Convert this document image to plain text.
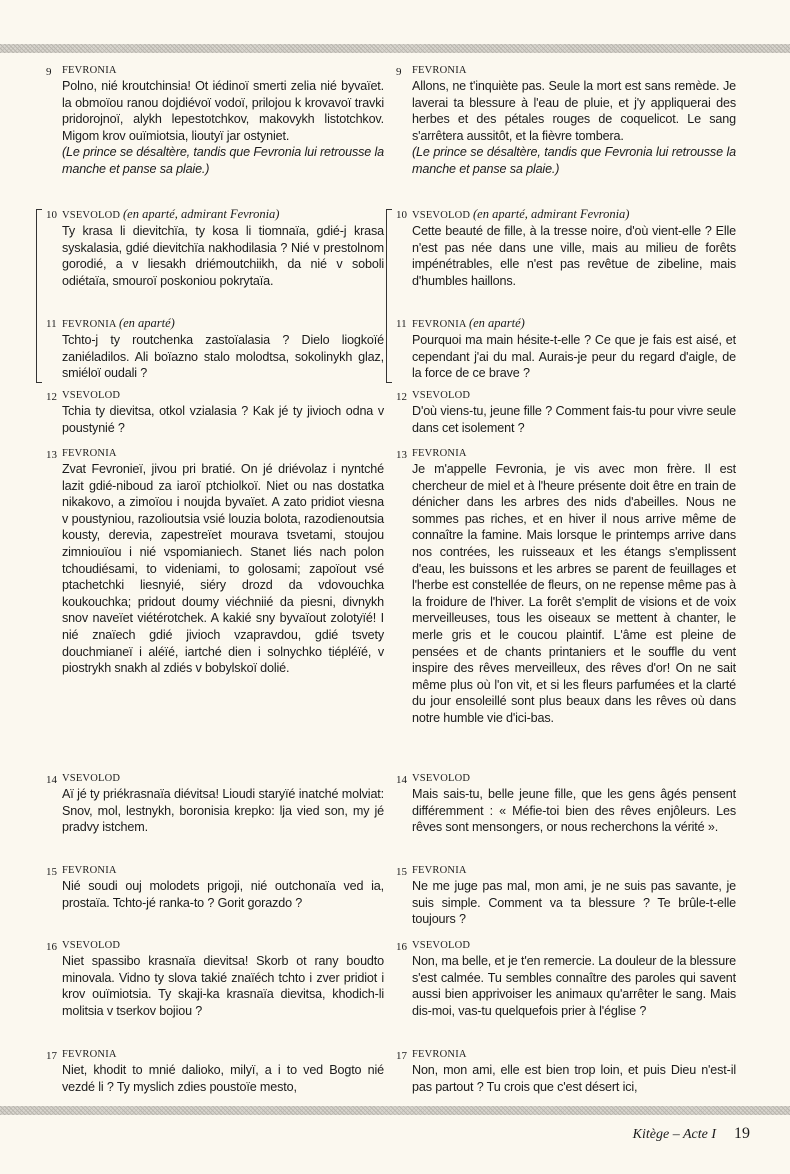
9	FEVRONIA
Polno, nié kroutchinsia! Ot iédinoï smerti zelia nié byvaïet. la obmoïou ranou dojdiévoï vodoï, prilojou k krovavoï travki pridorojnoï, alykh lepestotchkov, makovykh listotchkov. Migom krov ouïmiotsia, lioutyï jar ostyniet.
(Le prince se désaltère, tandis que Fevronia lui retrousse la manche et panse sa plaie.)
10 VSEVOLOD (en aparté, admirant Fevronia)
Ty krasa li dievitchïa, ty kosa li tiomnaïa, gdié-j krasa syskalasia, gdié dievitchïa nakhodilasia ? Nié v prestolnom gorodié, a v liesakh driémoutchiikh, da nié v soboli odiétaïa, smouroï poskoniou pokrytaïa.
11 FEVRONIA (en aparté)
Tchto-j ty routchenka zastoïalasia ? Dielo liogkoïé zaniéladilos. Ali boïazno stalo molodtsa, sokolinykh glaz, smiéloï oudali ?
12 VSEVOLOD
Tchia ty dievitsa, otkol vzialasia ? Kak jé ty jivioch odna v poustynié ?
13 FEVRONIA
Zvat Fevronieï, jivou pri bratié. On jé driévolaz i nyntché lazit gdié-niboud za iaroï ptchiolkoï. Niet ou nas dostatka nikakovo, a zimoïou i noujda byvaïet. A zato pridiot viesna v poustyniou, razolioutsia vsié louzia bolota, razodienoutsia kousty, derevia, zapestreïet mourava tsvetami, stoujou zimniouïou i nié vspomianiech. Stanet liés nach polon tchoudiésami, to videniami, to golosami; zapoïout vsé ptachetchki liesnyié, siéry drozd da vdovouchka koukouchka; pridout doumy viéchniié da piesni, divnykh snov naveïet viétérotchek. A kakié sny byvaïout zolotyïé! I nié znaïech gdié jivioch vzapravdou, gdié tsvety douchmianeï i aléïé, iartché dien i solnychko tiépléïé, v piostrykh snakh al zdiés v bobylskoï dolié.
14 VSEVOLOD
Aï jé ty priékrasnaïa diévitsa! Lioudi staryïé inatché molviat: Snov, mol, lestnykh, boronisia krepko: lja vied son, my jé pradvy istchem.
15 FEVRONIA
Nié soudi ouj molodets prigoji, nié outchonaïa ved ia, prostaïa. Tchto-jé ranka-to ? Gorit gorazdo ?
16 VSEVOLOD
Niet spassibo krasnaïa dievitsa! Skorb ot rany boudto minovala. Vidno ty slova takié znaïéch tchto i zver pridiot i krov ouïmiotsia. Ty skaji-ka krasnaïa dievitsa, khodich-li molitsia v tserkov bojiou ?
17 FEVRONIA
Niet, khodit to mnié dalioko, milyï, a i to ved Bogto nié vezdé li ? Ty myslich zdies poustoïe mesto,
9	FEVRONIA
Allons, ne t'inquiète pas. Seule la mort est sans remède. Je laverai ta blessure à l'eau de pluie, et j'y appliquerai des herbes et des pétales rouges de coquelicot. Le sang s'arrêtera aussitôt, et la fièvre tombera.
(Le prince se désaltère, tandis que Fevronia lui retrousse la manche et panse sa plaie.)
10 VSEVOLOD (en aparté, admirant Fevronia)
Cette beauté de fille, à la tresse noire, d'où vient-elle ? Elle n'est pas née dans une ville, mais au milieu de forêts impénétrables, elle n'est pas revêtue de zibeline, mais d'humbles haillons.
11 FEVRONIA (en aparté)
Pourquoi ma main hésite-t-elle ? Ce que je fais est aisé, et cependant j'ai du mal. Aurais-je peur du regard d'aigle, de la force de ce brave ?
12 VSEVOLOD
D'où viens-tu, jeune fille ? Comment fais-tu pour vivre seule dans cet isolement ?
13 FEVRONIA
Je m'appelle Fevronia, je vis avec mon frère. Il est chercheur de miel et à l'heure présente doit être en train de dénicher dans les arbres des nids d'abeilles. Nous ne sommes pas riches, et en hiver il nous arrive même de connaître la famine. Mais lorsque le printemps arrive dans nos contrées, les ruisseaux et les étangs s'emplissent d'eau, les buissons et les arbres se parent de feuillages et l'herbe est constellée de fleurs, on ne repense même pas à la froidure de l'hiver. La forêt s'emplit de visions et de voix merveilleuses, tous les oiseaux se mettent à chanter, le merle gris et le coucou plaintif. L'âme est pleine de pensées et de chants printaniers et le souffle du vent inspire des rêves merveilleux, des rêves d'or! On ne sait même plus où l'on vit, et si les fleurs parfumées et la clarté du jour ensoleillé sont plus beaux dans les rêves où dans notre humble vie d'ici-bas.
14 VSEVOLOD
Mais sais-tu, belle jeune fille, que les gens âgés pensent différemment : « Méfie-toi bien des rêves enjôleurs. Les rêves sont mensongers, or nous recherchons la vérité ».
15 FEVRONIA
Ne me juge pas mal, mon ami, je ne suis pas savante, je suis simple. Comment va ta blessure ? Te brûle-t-elle toujours ?
16 VSEVOLOD
Non, ma belle, et je t'en remercie. La douleur de la blessure s'est calmée. Tu sembles connaître des paroles qui savent aussi bien apprivoiser les animaux qu'arrêter le sang. Mais dis-moi, vas-tu quelquefois prier à l'église ?
17 FEVRONIA
Non, mon ami, elle est bien trop loin, et puis Dieu n'est-il pas partout ? Tu crois que c'est désert ici,
Kitège – Acte I 19
